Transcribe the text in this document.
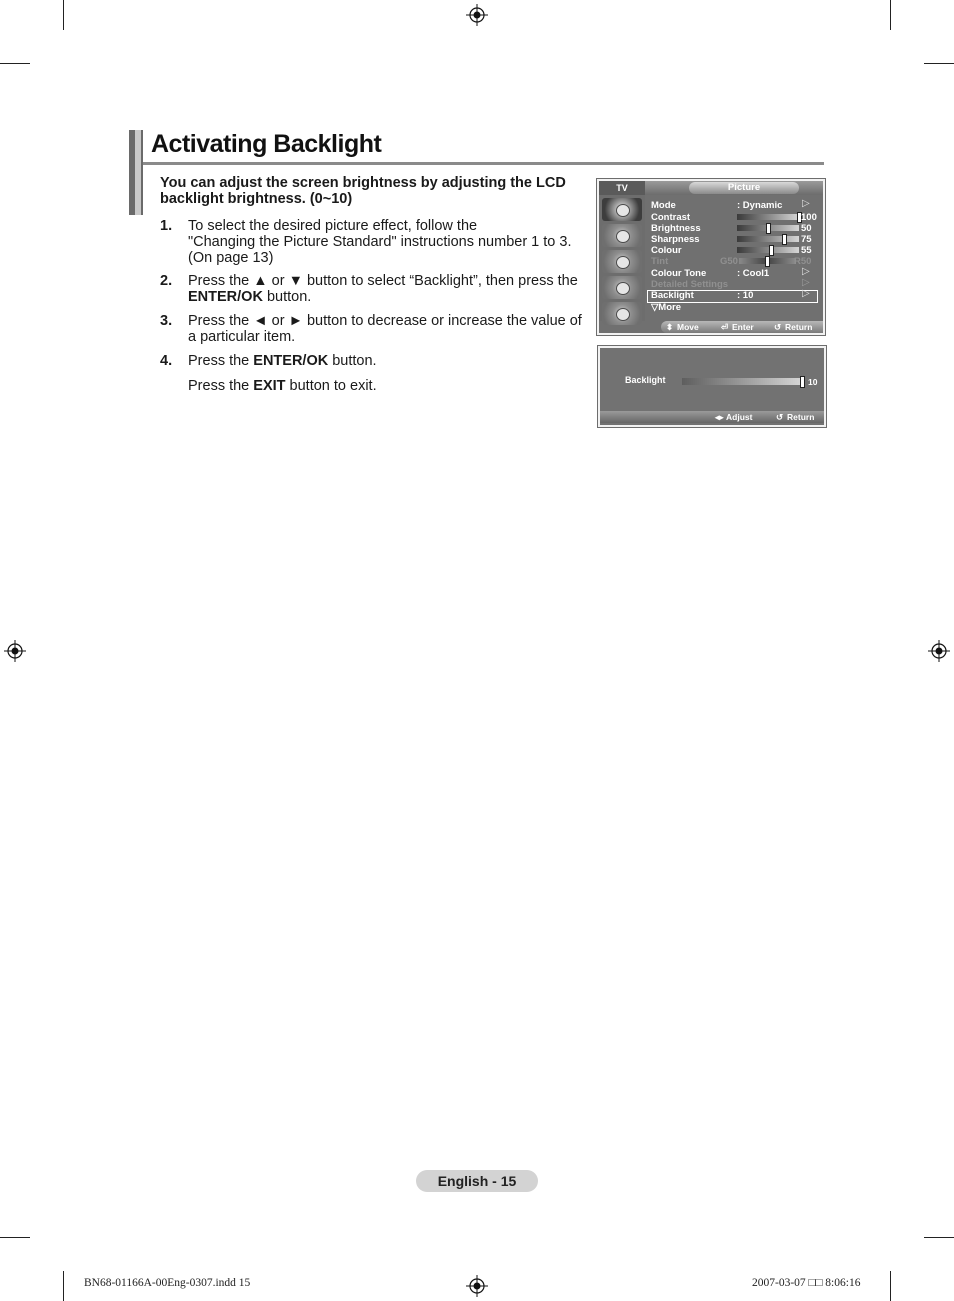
Activating Backlight
You can adjust the screen brightness by adjusting the LCD backlight brightness. (0~10)
1. To select the desired picture effect, follow the
"Changing the Picture Standard" instructions number 1 to 3.
(On page 13)
2. Press the ▲ or ▼ button to select “Backlight”, then press the ENTER/OK button.
3. Press the ◄ or ► button to decrease or increase the value of
a particular item.
4. Press the ENTER/OK button.
Press the EXIT button to exit.
TV	Picture
Mode	: Dynamic ▷
Contrast	100
Brightness	50
Sharpness	75
Colour	55
Tint	G50	R50
Colour Tone	: Cool1	▷
Detailed Settings	▷
Backlight	: 10	▷
▽More
⬍ Move	⏎ Enter ↺ Return
Backlight	10
◂▸ Adjust	↺ Return
English - 15
BN68-01166A-00Eng-0307.indd 15	2007-03-07 □□ 8:06:16
